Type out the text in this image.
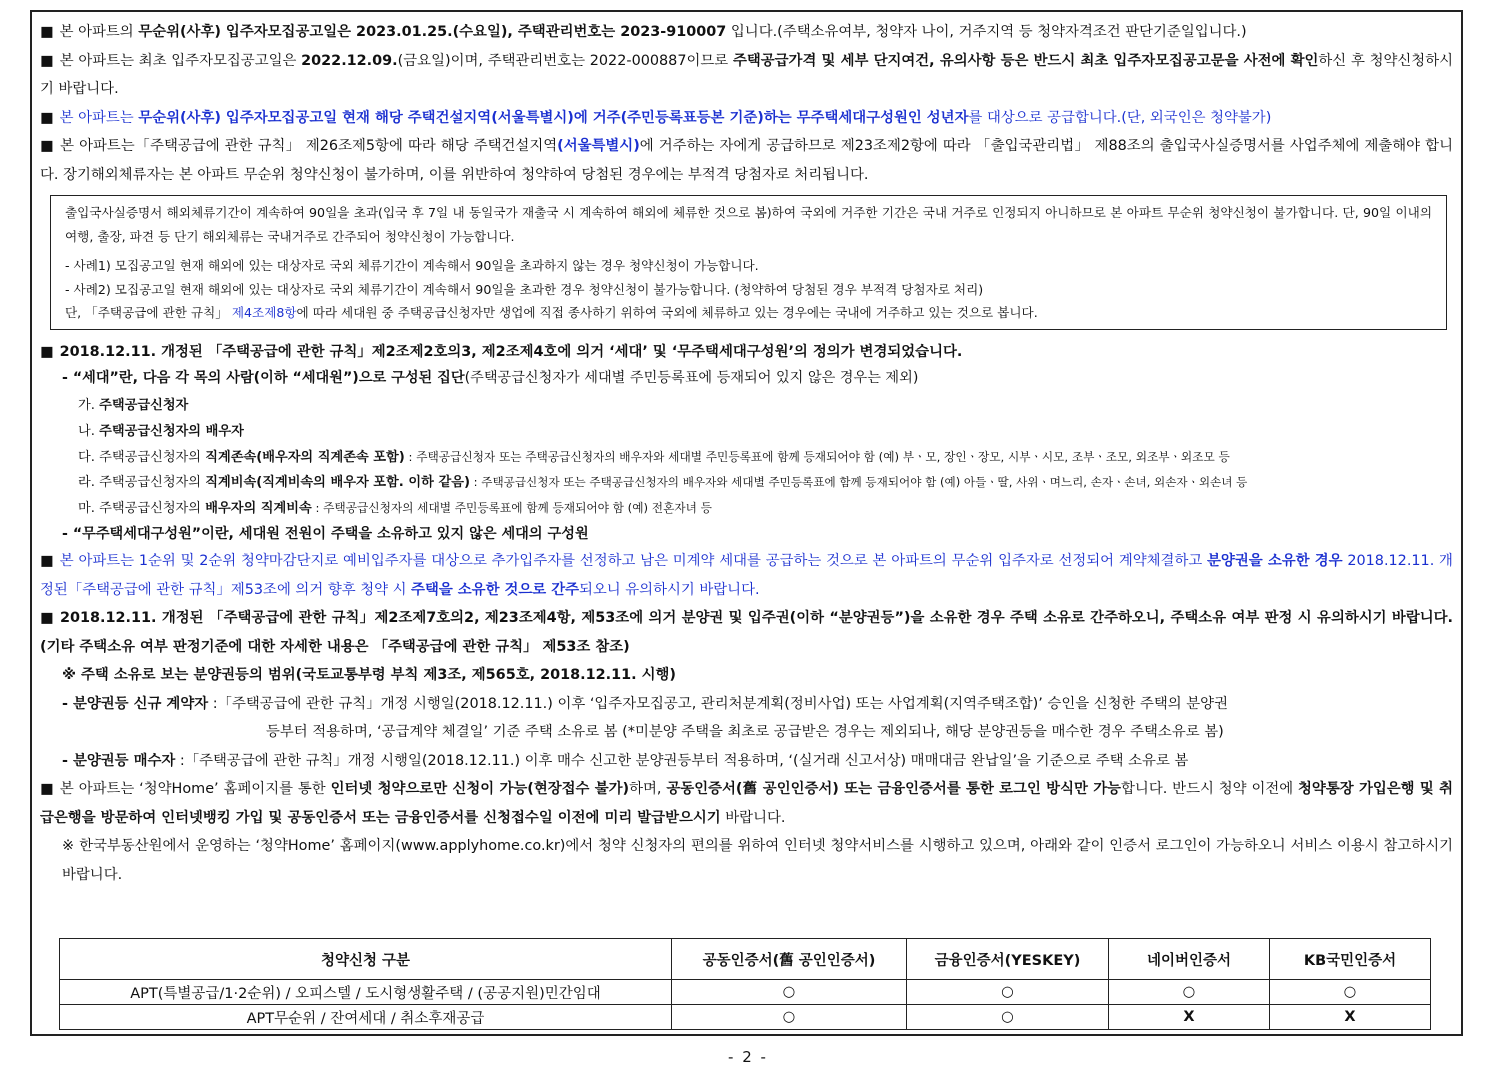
■ 본 아파트의 무순위(사후) 입주자모집공고일은 2023.01.25.(수요일), 주택관리번호는 2023-910007 입니다.(주택소유여부, 청약자 나이, 거주지역 등 청약자격조건 판단기준일입니다.)

■ 본 아파트는 최초 입주자모집공고일은 2022.12.09.(금요일)이며, 주택관리번호는 2022-000887이므로 주택공급가격 및 세부 단지여건, 유의사항 등은 반드시 최초 입주자모집공고문을 사전에 확인하신 후 청약신청하시기 바랍니다.

■ 본 아파트는 무순위(사후) 입주자모집공고일 현재 해당 주택건설지역(서울특별시)에 거주(주민등록표등본 기준)하는 무주택세대구성원인 성년자를 대상으로 공급합니다.(단, 외국인은 청약불가)

■ 본 아파트는「주택공급에 관한 규칙」 제26조제5항에 따라 해당 주택건설지역(서울특별시)에 거주하는 자에게 공급하므로 제23조제2항에 따라 「출입국관리법」 제88조의 출입국사실증명서를 사업주체에 제출해야 합니다. 장기해외체류자는 본 아파트 무순위 청약신청이 불가하며, 이를 위반하여 청약하여 당첨된 경우에는 부적격 당첨자로 처리됩니다.

출입국사실증명서 해외체류기간이 계속하여 90일을 초과(입국 후 7일 내 동일국가 재출국 시 계속하여 해외에 체류한 것으로 봄)하여 국외에 거주한 기간은 국내 거주로 인정되지 아니하므로 본 아파트 무순위 청약신청이 불가합니다. 단, 90일 이내의 여행, 출장, 파견 등 단기 해외체류는 국내거주로 간주되어 청약신청이 가능합니다.
- 사례1) 모집공고일 현재 해외에 있는 대상자로 국외 체류기간이 계속해서 90일을 초과하지 않는 경우 청약신청이 가능합니다.
- 사례2) 모집공고일 현재 해외에 있는 대상자로 국외 체류기간이 계속해서 90일을 초과한 경우 청약신청이 불가능합니다. (청약하여 당첨된 경우 부적격 당첨자로 처리)
단, 「주택공급에 관한 규칙」 제4조제8항에 따라 세대원 중 주택공급신청자만 생업에 직접 종사하기 위하여 국외에 체류하고 있는 경우에는 국내에 거주하고 있는 것으로 봅니다.

■ 2018.12.11. 개정된 「주택공급에 관한 규칙」제2조제2호의3, 제2조제4호에 의거 ‘세대’ 및 ‘무주택세대구성원’의 정의가 변경되었습니다.

- “세대”란, 다음 각 목의 사람(이하 “세대원”)으로 구성된 집단(주택공급신청자가 세대별 주민등록표에 등재되어 있지 않은 경우는 제외)
가. 주택공급신청자
나. 주택공급신청자의 배우자
다. 주택공급신청자의 직계존속(배우자의 직계존속 포함) : 주택공급신청자 또는 주택공급신청자의 배우자와 세대별 주민등록표에 함께 등재되어야 함 (예) 부ㆍ모, 장인ㆍ장모, 시부ㆍ시모, 조부ㆍ조모, 외조부ㆍ외조모 등
라. 주택공급신청자의 직계비속(직계비속의 배우자 포함. 이하 같음) : 주택공급신청자 또는 주택공급신청자의 배우자와 세대별 주민등록표에 함께 등재되어야 함 (예) 아들ㆍ딸, 사위ㆍ며느리, 손자ㆍ손녀, 외손자ㆍ외손녀 등
마. 주택공급신청자의 배우자의 직계비속 : 주택공급신청자의 세대별 주민등록표에 함께 등재되어야 함 (예) 전혼자녀 등
- “무주택세대구성원”이란, 세대원 전원이 주택을 소유하고 있지 않은 세대의 구성원

■ 본 아파트는 1순위 및 2순위 청약마감단지로 예비입주자를 대상으로 추가입주자를 선정하고 남은 미계약 세대를 공급하는 것으로 본 아파트의 무순위 입주자로 선정되어 계약체결하고 분양권을 소유한 경우 2018.12.11. 개정된「주택공급에 관한 규칙」제53조에 의거 향후 청약 시 주택을 소유한 것으로 간주되오니 유의하시기 바랍니다.

■ 2018.12.11. 개정된 「주택공급에 관한 규칙」제2조제7호의2, 제23조제4항, 제53조에 의거 분양권 및 입주권(이하 “분양권등”)을 소유한 경우 주택 소유로 간주하오니, 주택소유 여부 판정 시 유의하시기 바랍니다. (기타 주택소유 여부 판정기준에 대한 자세한 내용은 「주택공급에 관한 규칙」 제53조 참조)

※ 주택 소유로 보는 분양권등의 범위(국토교통부령 부칙 제3조, 제565호, 2018.12.11. 시행)

- 분양권등 신규 계약자 :「주택공급에 관한 규칙」개정 시행일(2018.12.11.) 이후 ‘입주자모집공고, 관리처분계획(정비사업) 또는 사업계획(지역주택조합)’ 승인을 신청한 주택의 분양권

등부터 적용하며, ‘공급계약 체결일’ 기준 주택 소유로 봄 (*미분양 주택을 최초로 공급받은 경우는 제외되나, 해당 분양권등을 매수한 경우 주택소유로 봄)

- 분양권등 매수자 :「주택공급에 관한 규칙」개정 시행일(2018.12.11.) 이후 매수 신고한 분양권등부터 적용하며, ‘(실거래 신고서상) 매매대금 완납일’을 기준으로 주택 소유로 봄

■ 본 아파트는 ‘청약Home’ 홈페이지를 통한 인터넷 청약으로만 신청이 가능(현장접수 불가)하며, 공동인증서(舊 공인인증서) 또는 금융인증서를 통한 로그인 방식만 가능합니다. 반드시 청약 이전에 청약통장 가입은행 및 취급은행을 방문하여 인터넷뱅킹 가입 및 공동인증서 또는 금융인증서를 신청접수일 이전에 미리 발급받으시기 바랍니다.

※ 한국부동산원에서 운영하는 ‘청약Home’ 홈페이지(www.applyhome.co.kr)에서 청약 신청자의 편의를 위하여 인터넷 청약서비스를 시행하고 있으며, 아래와 같이 인증서 로그인이 가능하오니 서비스 이용시 참고하시기 바랍니다.

청약신청 구분	공동인증서(舊 공인인증서)	금융인증서(YESKEY)	네이버인증서	KB국민인증서
APT(특별공급/1·2순위) / 오피스텔 / 도시형생활주택 / (공공지원)민간임대	○	○	○	○
APT무순위 / 잔여세대 / 취소후재공급	○	○	X	X
- 2 -
